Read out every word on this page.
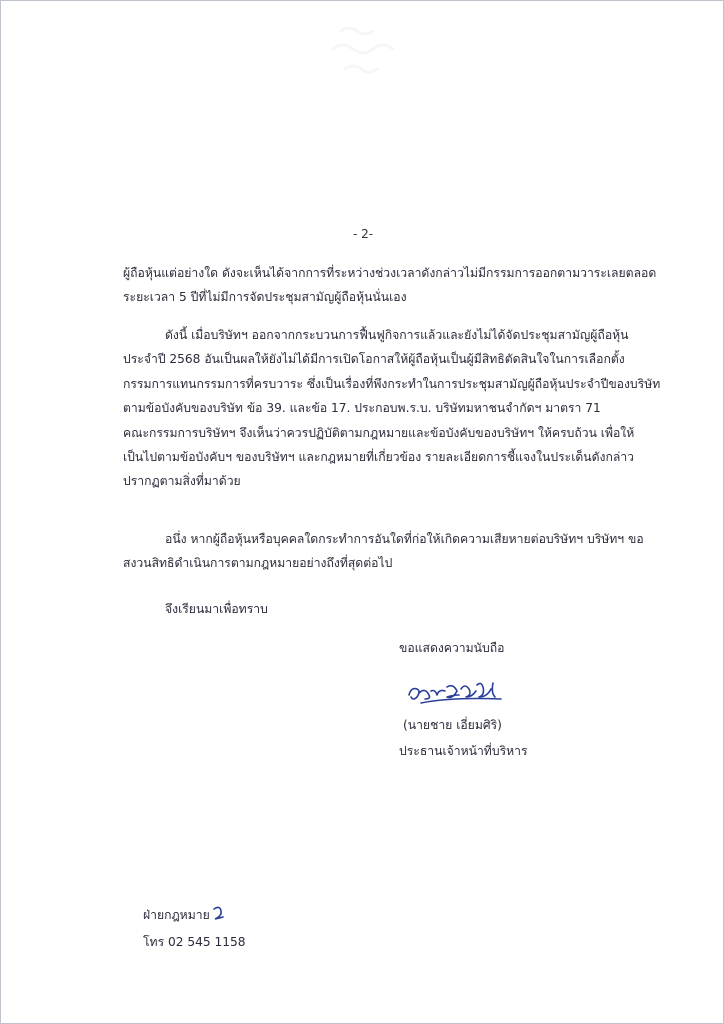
- 2-
ผู้ถือหุ้นแต่อย่างใด ดังจะเห็นได้จากการที่ระหว่างช่วงเวลาดังกล่าวไม่มีกรรมการออกตามวาระเลยตลอด
ระยะเวลา 5 ปีที่ไม่มีการจัดประชุมสามัญผู้ถือหุ้นนั่นเอง
ดังนี้ เมื่อบริษัทฯ ออกจากกระบวนการฟื้นฟูกิจการแล้วและยังไม่ได้จัดประชุมสามัญผู้ถือหุ้น
ประจำปี 2568 อันเป็นผลให้ยังไม่ได้มีการเปิดโอกาสให้ผู้ถือหุ้นเป็นผู้มีสิทธิตัดสินใจในการเลือกตั้ง
กรรมการแทนกรรมการที่ครบวาระ ซึ่งเป็นเรื่องที่พึงกระทำในการประชุมสามัญผู้ถือหุ้นประจำปีของบริษัท
ตามข้อบังคับของบริษัท ข้อ 39. และข้อ 17. ประกอบพ.ร.บ. บริษัทมหาชนจำกัดฯ มาตรา 71
คณะกรรมการบริษัทฯ จึงเห็นว่าควรปฏิบัติตามกฎหมายและข้อบังคับของบริษัทฯ ให้ครบถ้วน เพื่อให้
เป็นไปตามข้อบังคับฯ ของบริษัทฯ และกฎหมายที่เกี่ยวข้อง รายละเอียดการชี้แจงในประเด็นดังกล่าว
ปรากฏตามสิ่งที่มาด้วย
อนึ่ง หากผู้ถือหุ้นหรือบุคคลใดกระทำการอันใดที่ก่อให้เกิดความเสียหายต่อบริษัทฯ บริษัทฯ ขอ
สงวนสิทธิดำเนินการตามกฎหมายอย่างถึงที่สุดต่อไป
จึงเรียนมาเพื่อทราบ
ขอแสดงความนับถือ
(นายชาย เอี่ยมศิริ)
ประธานเจ้าหน้าที่บริหาร
ฝ่ายกฎหมาย
โทร 02 545 1158
